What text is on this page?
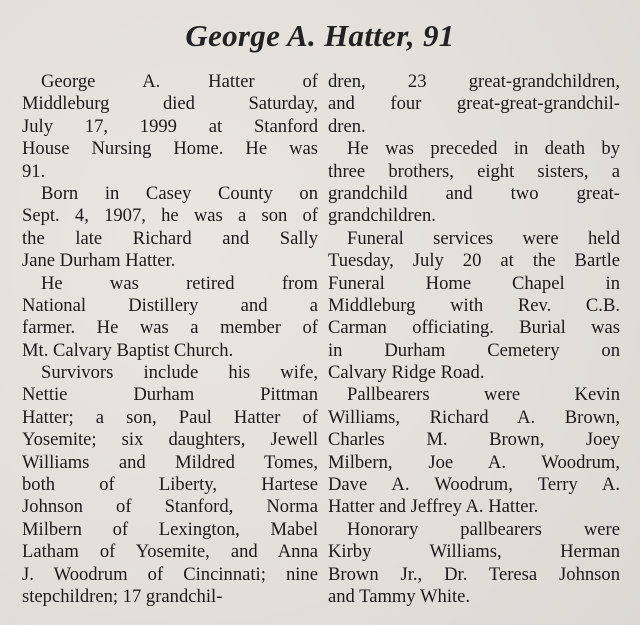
George A. Hatter, 91
George A. Hatter of
Middleburg died Saturday,
July 17, 1999 at Stanford
House Nursing Home. He was
91.
Born in Casey County on
Sept. 4, 1907, he was a son of
the late Richard and Sally
Jane Durham Hatter.
He was retired from
National Distillery and a
farmer. He was a member of
Mt. Calvary Baptist Church.
Survivors include his wife,
Nettie Durham Pittman
Hatter; a son, Paul Hatter of
Yosemite; six daughters, Jewell
Williams and Mildred Tomes,
both of Liberty, Hartese
Johnson of Stanford, Norma
Milbern of Lexington, Mabel
Latham of Yosemite, and Anna
J. Woodrum of Cincinnati; nine
stepchildren; 17 grandchil-
dren, 23 great-grandchildren,
and four great-great-grandchil-
dren.
He was preceded in death by
three brothers, eight sisters, a
grandchild and two great-
grandchildren.
Funeral services were held
Tuesday, July 20 at the Bartle
Funeral Home Chapel in
Middleburg with Rev. C.B.
Carman officiating. Burial was
in Durham Cemetery on
Calvary Ridge Road.
Pallbearers were Kevin
Williams, Richard A. Brown,
Charles M. Brown, Joey
Milbern, Joe A. Woodrum,
Dave A. Woodrum, Terry A.
Hatter and Jeffrey A. Hatter.
Honorary pallbearers were
Kirby Williams, Herman
Brown Jr., Dr. Teresa Johnson
and Tammy White.
